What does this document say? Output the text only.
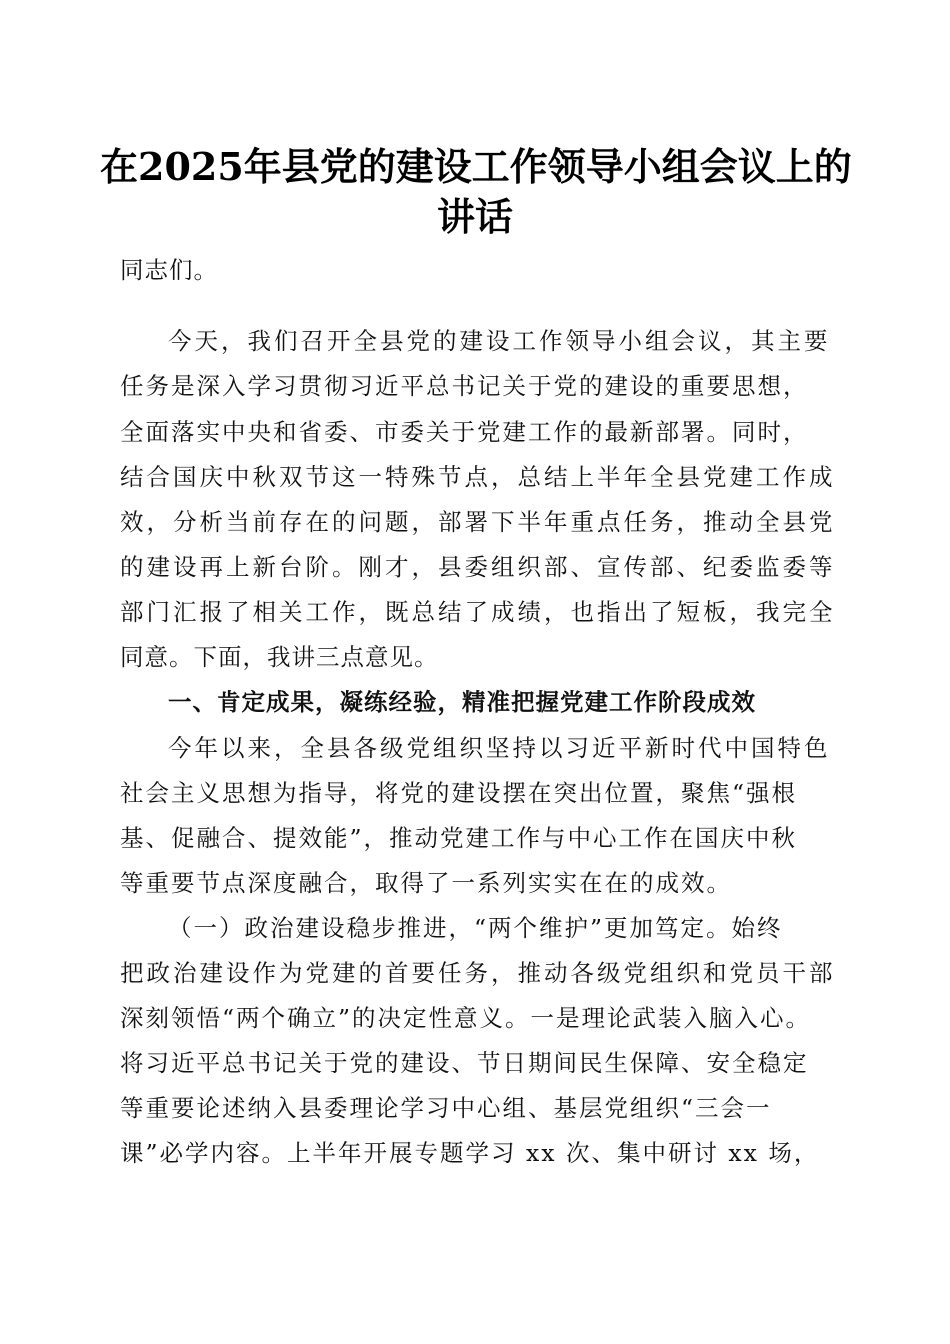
在2025年县党的建设工作领导小组会议上的
讲话
同志们。
今天，我们召开全县党的建设工作领导小组会议，其主要
任务是深入学习贯彻习近平总书记关于党的建设的重要思想，
全面落实中央和省委、市委关于党建工作的最新部署。同时，
结合国庆中秋双节这一特殊节点，总结上半年全县党建工作成
效，分析当前存在的问题，部署下半年重点任务，推动全县党
的建设再上新台阶。刚才，县委组织部、宣传部、纪委监委等
部门汇报了相关工作，既总结了成绩，也指出了短板，我完全
同意。下面，我讲三点意见。
一、肯定成果，凝练经验，精准把握党建工作阶段成效
今年以来，全县各级党组织坚持以习近平新时代中国特色
社会主义思想为指导，将党的建设摆在突出位置，聚焦“强根
基、促融合、提效能”，推动党建工作与中心工作在国庆中秋
等重要节点深度融合，取得了一系列实实在在的成效。
（一）政治建设稳步推进，“两个维护”更加笃定。始终
把政治建设作为党建的首要任务，推动各级党组织和党员干部
深刻领悟“两个确立”的决定性意义。一是理论武装入脑入心。
将习近平总书记关于党的建设、节日期间民生保障、安全稳定
等重要论述纳入县委理论学习中心组、基层党组织“三会一
课”必学内容。上半年开展专题学习 xx 次、集中研讨 xx 场，
